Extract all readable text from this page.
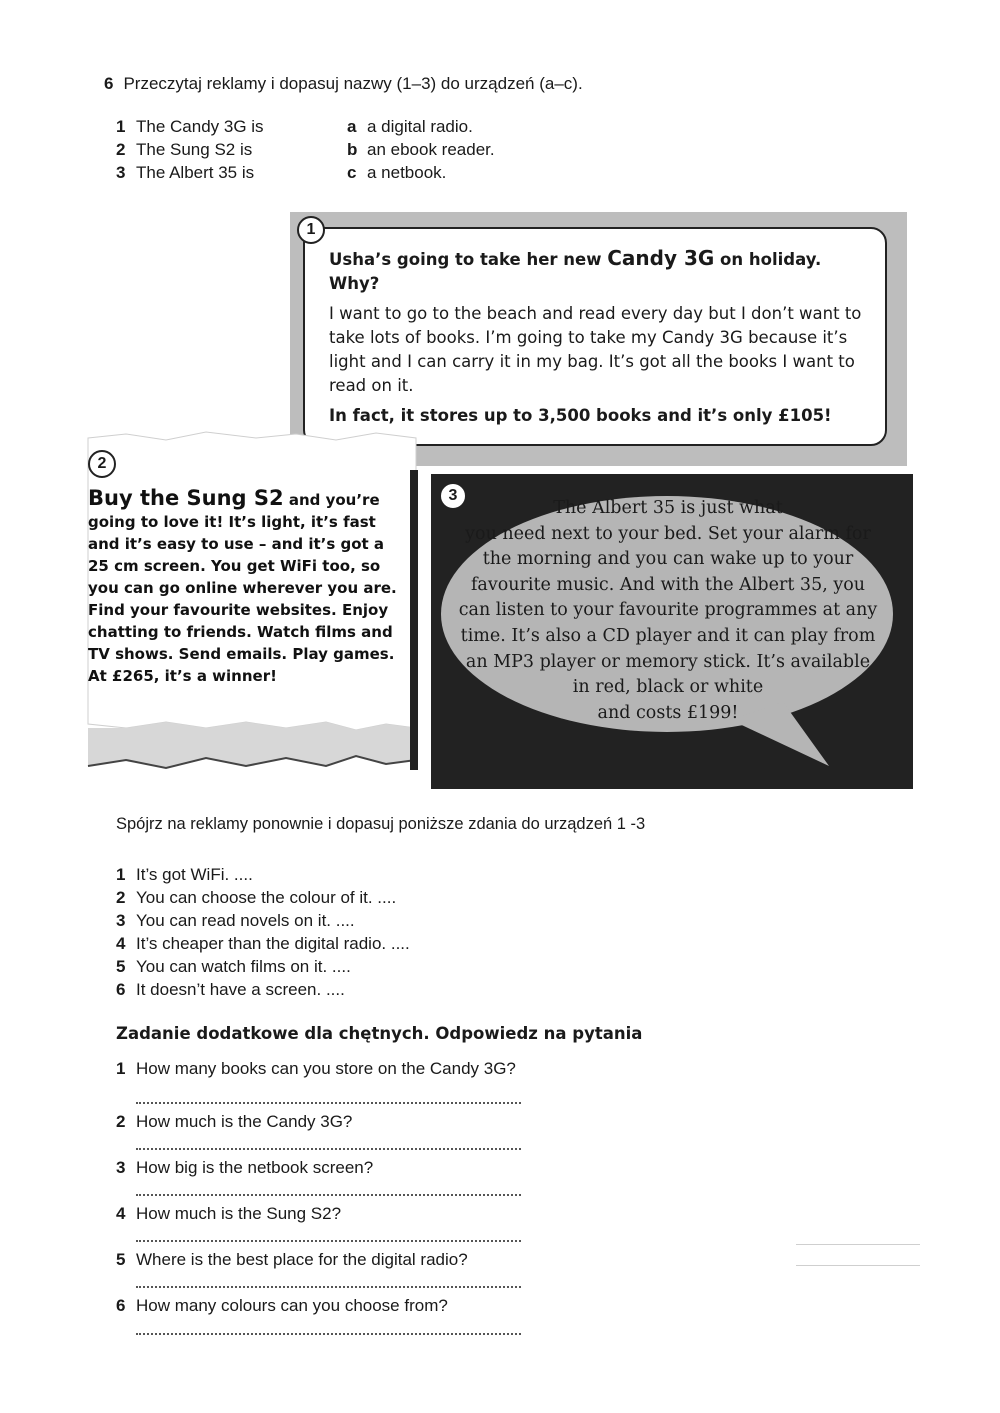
6 Przeczytaj reklamy i dopasuj nazwy (1–3) do urządzeń (a–c).
1 The Candy 3G is
2 The Sung S2 is
3 The Albert 35 is
a a digital radio.
b an ebook reader.
c a netbook.
1

Usha’s going to take her new Candy 3G on holiday. Why?

I want to go to the beach and read every day but I don’t want to take lots of books. I’m going to take my Candy 3G because it’s light and I can carry it in my bag. It’s got all the books I want to read on it.

In fact, it stores up to 3,500 books and it’s only £105!

2
Buy the Sung S2 and you’re going to love it! It’s light, it’s fast and it’s easy to use – and it’s got a 25 cm screen. You get WiFi too, so you can go online wherever you are. Find your favourite websites. Enjoy chatting to friends. Watch films and TV shows. Send emails. Play games. At £265, it’s a winner!
3
The Albert 35 is just what
you need next to your bed. Set your alarm for
the morning and you can wake up to your
favourite music. And with the Albert 35, you
can listen to your favourite programmes at any
time. It’s also a CD player and it can play from
an MP3 player or memory stick. It’s available
in red, black or white
and costs £199!
Spójrz na reklamy ponownie i dopasuj poniższe zdania do urządzeń 1 -3
1 It’s got WiFi. ....
2 You can choose the colour of it. ....
3 You can read novels on it. ....
4 It’s cheaper than the digital radio. ....
5 You can watch films on it. ....
6 It doesn’t have a screen. ....
Zadanie dodatkowe dla chętnych. Odpowiedz na pytania
1 How many books can you store on the Candy 3G?
2 How much is the Candy 3G?
3 How big is the netbook screen?
4 How much is the Sung S2?
5 Where is the best place for the digital radio?
6 How many colours can you choose from?
